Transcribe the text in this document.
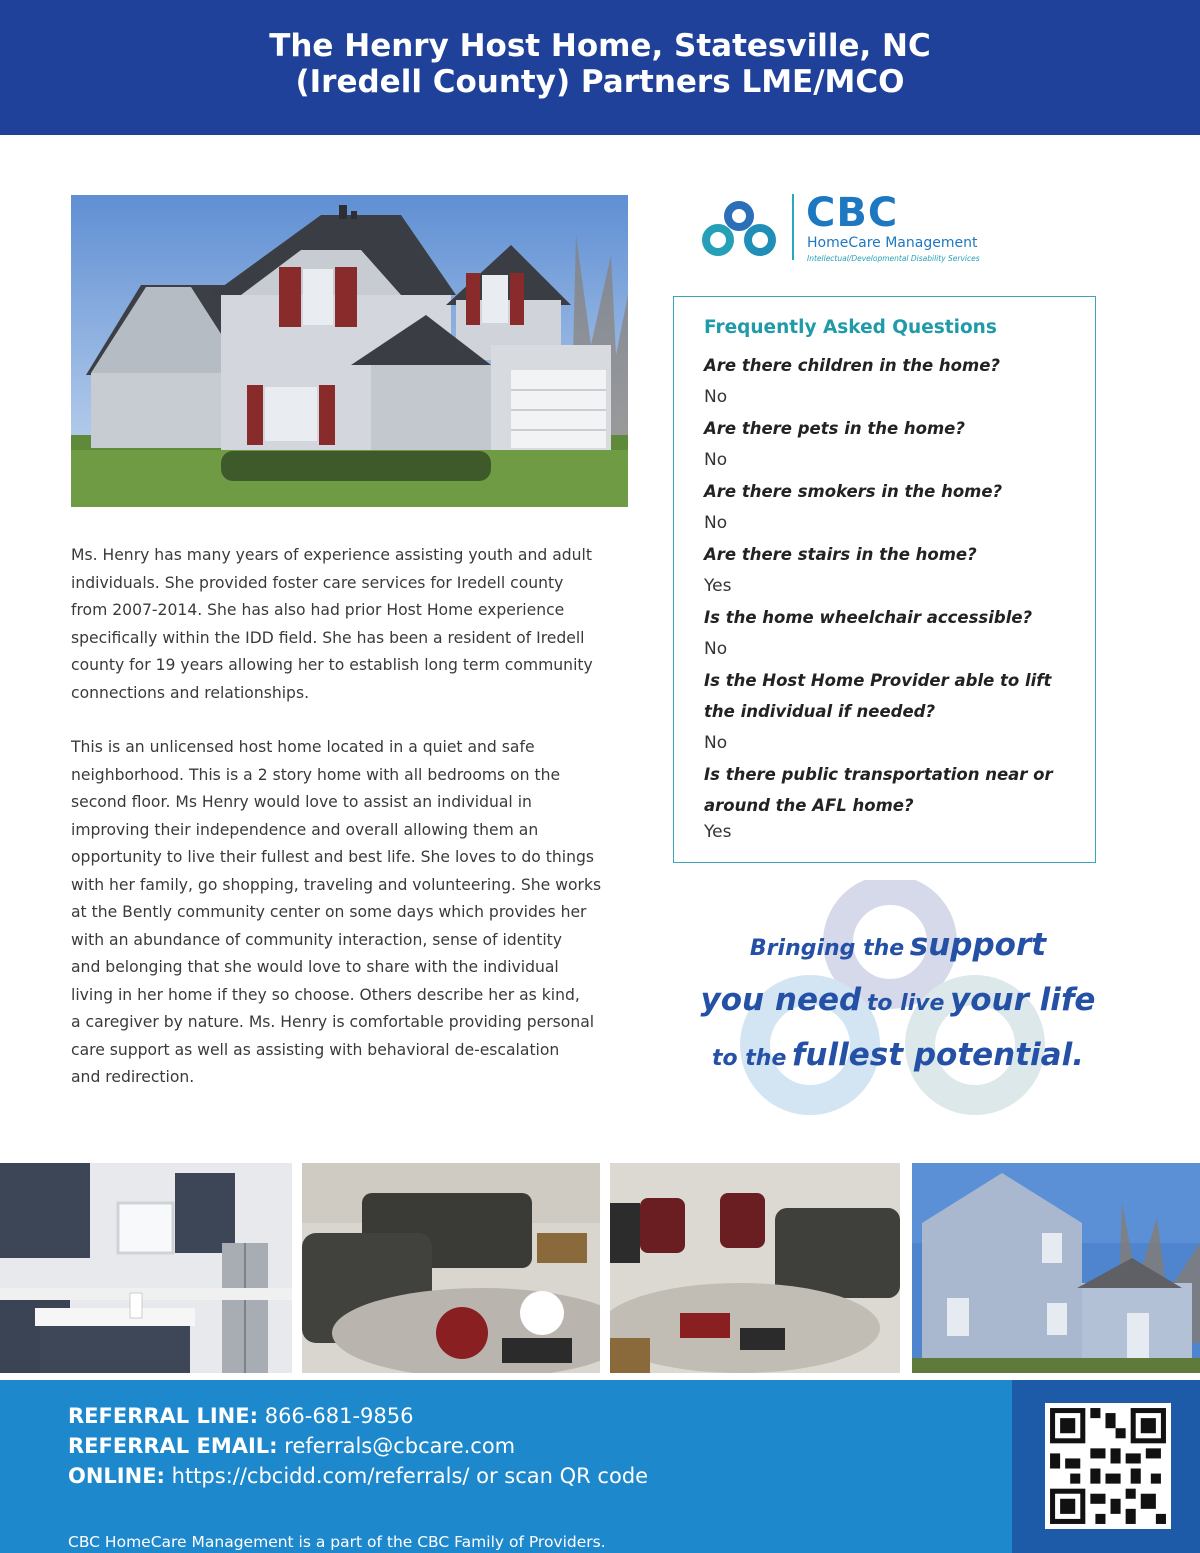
The Henry Host Home, Statesville, NC
(Iredell County) Partners LME/MCO
Ms. Henry has many years of experience assisting youth and adult
individuals. She provided foster care services for Iredell county
from 2007-2014. She has also had prior Host Home experience
specifically within the IDD field. She has been a resident of Iredell
county for 19 years allowing her to establish long term community
connections and relationships.
This is an unlicensed host home located in a quiet and safe
neighborhood. This is a 2 story home with all bedrooms on the
second floor. Ms Henry would love to assist an individual in
improving their independence and overall allowing them an
opportunity to live their fullest and best life. She loves to do things
with her family, go shopping, traveling and volunteering. She works
at the Bently community center on some days which provides her
with an abundance of community interaction, sense of identity
and belonging that she would love to share with the individual
living in her home if they so choose. Others describe her as kind,
a caregiver by nature. Ms. Henry is comfortable providing personal
care support as well as assisting with behavioral de-escalation
and redirection.
CBC
HomeCare Management
Intellectual/Developmental Disability Services
Frequently Asked Questions
Are there children in the home?
No
Are there pets in the home?
No
Are there smokers in the home?
No
Are there stairs in the home?
Yes
Is the home wheelchair accessible?
No
Is the Host Home Provider able to lift
the individual if needed?
No
Is there public transportation near or
around the AFL home?
Yes
Bringing the support
you need to live your life
to the fullest potential.
REFERRAL LINE: 866-681-9856
REFERRAL EMAIL: referrals@cbcare.com
ONLINE: https://cbcidd.com/referrals/ or scan QR code
CBC HomeCare Management is a part of the CBC Family of Providers.
